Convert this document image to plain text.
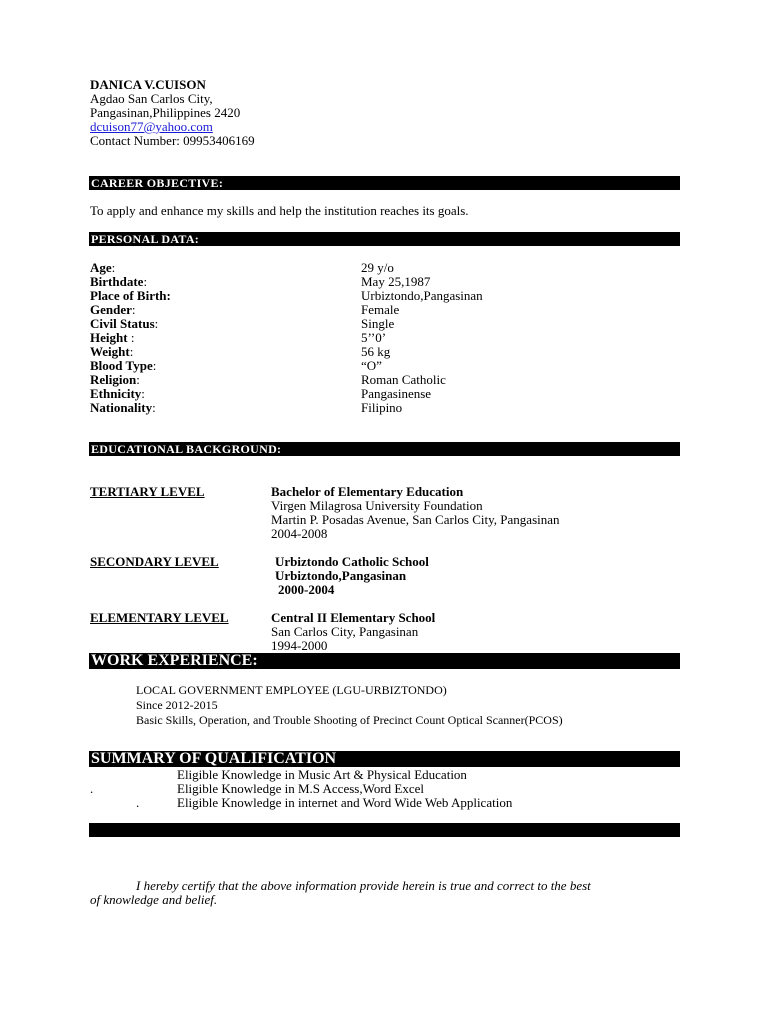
DANICA V.CUISON
Agdao San Carlos City,
Pangasinan,Philippines 2420
dcuison77@yahoo.com
Contact Number: 09953406169
CAREER OBJECTIVE:
To apply and enhance my skills and help the institution reaches its goals.
PERSONAL DATA:
Age:	29 y/o
Birthdate:	May 25,1987
Place of Birth:	Urbiztondo,Pangasinan
Gender:	Female
Civil Status:	Single
Height :	5’’0’
Weight:	56 kg
Blood Type:	“O”
Religion:	Roman Catholic
Ethnicity:	Pangasinense
Nationality:	Filipino
EDUCATIONAL BACKGROUND:
TERTIARY LEVEL	Bachelor of Elementary Education
Virgen Milagrosa University Foundation
Martin P. Posadas Avenue, San Carlos City, Pangasinan
2004-2008
SECONDARY LEVEL	Urbiztondo Catholic School
Urbiztondo,Pangasinan
2000-2004
ELEMENTARY LEVEL	Central II Elementary School
San Carlos City, Pangasinan
1994-2000
WORK EXPERIENCE:
LOCAL GOVERNMENT EMPLOYEE (LGU-URBIZTONDO)
Since 2012-2015
Basic Skills, Operation, and Trouble Shooting of Precinct Count Optical Scanner(PCOS)
SUMMARY OF QUALIFICATION
Eligible Knowledge in Music Art & Physical Education
.	Eligible Knowledge in M.S Access,Word Excel
.	Eligible Knowledge in internet and Word Wide Web Application
I hereby certify that the above information provide herein is true and correct to the best
of knowledge and belief.
